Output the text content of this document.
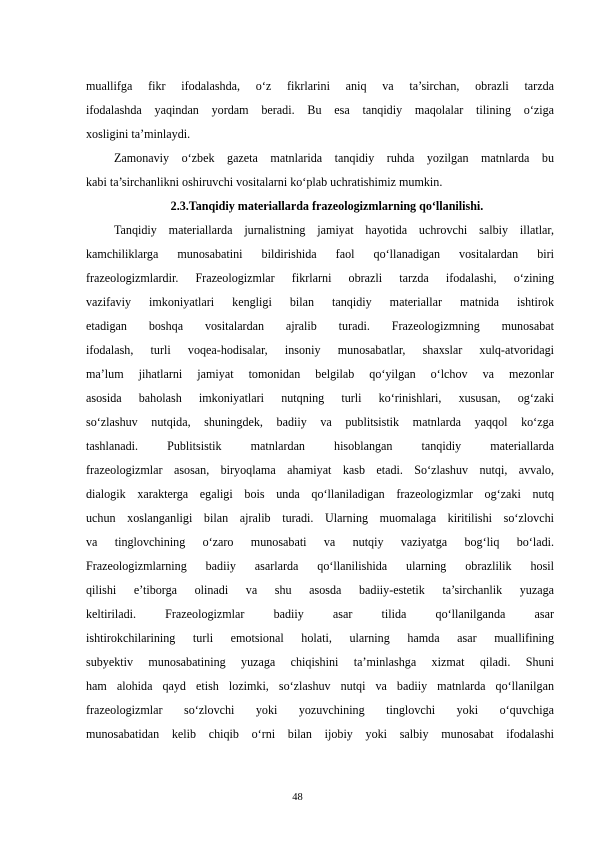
muallifga fikr ifodalashda, o‘z fikrlarini aniq va ta’sirchan, obrazli tarzda
ifodalashda yaqindan yordam beradi. Bu esa tanqidiy maqolalar tilining o‘ziga
xosligini ta’minlaydi.
Zamonaviy o‘zbek gazeta matnlarida tanqidiy ruhda yozilgan matnlarda bu
kabi ta’sirchanlikni oshiruvchi vositalarni ko‘plab uchratishimiz mumkin.
2.3.Tanqidiy materiallarda frazeologizmlarning qo‘llanilishi.
Tanqidiy materiallarda jurnalistning jamiyat hayotida uchrovchi salbiy illatlar,
kamchiliklarga munosabatini bildirishida faol qo‘llanadigan vositalardan biri
frazeologizmlardir. Frazeologizmlar fikrlarni obrazli tarzda ifodalashi, o‘zining
vazifaviy imkoniyatlari kengligi bilan tanqidiy materiallar matnida ishtirok
etadigan boshqa vositalardan ajralib turadi. Frazeologizmning munosabat
ifodalash, turli voqea-hodisalar, insoniy munosabatlar, shaxslar xulq-atvoridagi
ma’lum jihatlarni jamiyat tomonidan belgilab qo‘yilgan o‘lchov va mezonlar
asosida baholash imkoniyatlari nutqning turli ko‘rinishlari, xususan, og‘zaki
so‘zlashuv nutqida, shuningdek, badiiy va publitsistik matnlarda yaqqol ko‘zga
tashlanadi. Publitsistik matnlardan hisoblangan tanqidiy materiallarda
frazeologizmlar asosan, biryoqlama ahamiyat kasb etadi. So‘zlashuv nutqi, avvalo,
dialogik xarakterga egaligi bois unda qo‘llaniladigan frazeologizmlar og‘zaki nutq
uchun xoslanganligi bilan ajralib turadi. Ularning muomalaga kiritilishi so‘zlovchi
va tinglovchining o‘zaro munosabati va nutqiy vaziyatga bog‘liq bo‘ladi.
Frazeologizmlarning badiiy asarlarda qo‘llanilishida ularning obrazlilik hosil
qilishi e’tiborga olinadi va shu asosda badiiy-estetik ta’sirchanlik yuzaga
keltiriladi. Frazeologizmlar badiiy asar tilida qo‘llanilganda asar
ishtirokchilarining turli emotsional holati, ularning hamda asar muallifining
subyektiv munosabatining yuzaga chiqishini ta’minlashga xizmat qiladi. Shuni
ham alohida qayd etish lozimki, so‘zlashuv nutqi va badiiy matnlarda qo‘llanilgan
frazeologizmlar so‘zlovchi yoki yozuvchining tinglovchi yoki o‘quvchiga
munosabatidan kelib chiqib o‘rni bilan ijobiy yoki salbiy munosabat ifodalashi
48
